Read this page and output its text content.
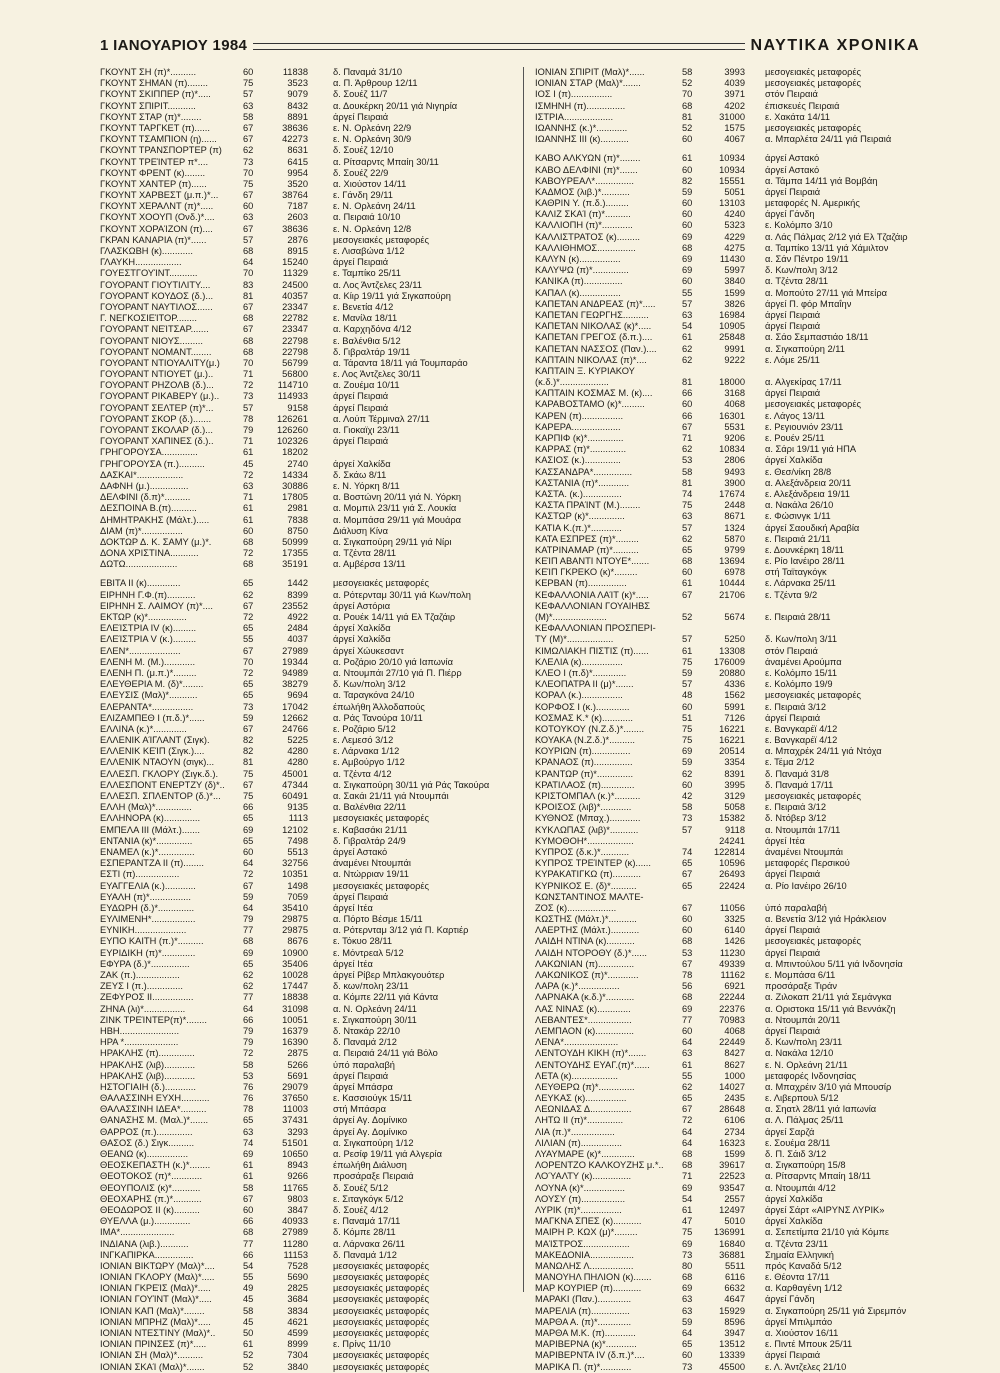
1 ΙΑΝΟΥΑΡΙΟΥ 1984	ΝΑΥΤΙΚΑ ΧΡΟΝΙΚΑ
ΓΚΟΥΝΤ ΣΗ (π)*..........	60	11838	δ. Παναμά 31/10
ΓΚΟΥΝΤ ΣΗΜΑΝ (π)........	75	3523	α. Π. Άρθρουρ 12/11
ΓΚΟΥΝΤ ΣΚΙΠΠΕΡ (π)*.....	57	9079	δ. Σουέζ 11/7
ΓΚΟΥΝΤ ΣΠΙΡΙΤ...........	63	8432	α. Δουκέρκη 20/11 γιά Νιγηρία
ΓΚΟΥΝΤ ΣΤΑΡ (π)*........	58	8891	άργεί Πειραιά
ΓΚΟΥΝΤ ΤΑΡΓΚΕΤ (π)......	67	38636	ε. Ν. Ορλεάνη 22/9
ΓΚΟΥΝΤ ΤΣΑΜΠΙΟΝ (η)......	67	42273	ε. Ν. Ορλεάνη 30/9
ΓΚΟΥΝΤ ΤΡΑΝΣΠΟΡΤΕΡ (π)	62	8631	δ. Σουέζ 12/10
ΓΚΟΥΝΤ ΤΡΕΊΝΤΕΡ π*....	73	6415	α. Ρίτσαρντς Μπαίη 30/11
ΓΚΟΥΝΤ ΦΡΕΝΤ (κ)........	70	9954	δ. Σουέζ 22/9
ΓΚΟΥΝΤ ΧΑΝΤΕΡ (π)......	75	3520	α. Χιούστον 14/11
ΓΚΟΥΝΤ ΧΑΡΒΕΣΤ (μ.π.)*...	67	38764	ε. Γάνδη 29/11
ΓΚΟΥΝΤ ΧΕΡΑΛΝΤ (π)*.....	60	7187	ε. Ν. Ορλεάνη 24/11
ΓΚΟΥΝΤ ΧΟΟΥΠ (Ονδ.)*....	63	2603	α. Πειραιά 10/10
ΓΚΟΥΝΤ ΧΟΡΑΊΖΟΝ (π)....	67	38636	ε. Ν. Ορλεάνη 12/8
ΓΚΡΑΝ ΚΑΝΑΡΙΑ (π)*......	57	2876	μεσογειακές μεταφορές
ΓΛΑΣΚΩΒΗ (κ)............	68	8915	ε. Λισαβώνα 1/12
ΓΛΑΥΚΗ..................	64	15240	άργεί Πειραιά
ΓΟΥΕΣΤΓΟΥΊΝΤ...........	70	11329	ε. Ταμπίκο 25/11
ΓΟΥΟΡΑΝΤ ΓΙΟΥΤΙΛΙΤΥ....	83	24500	α. Λος Άντζελες 23/11
ΓΟΥΟΡΑΝΤ ΚΟΥΔΟΣ (δ.)...	81	40357	α. Κίιρ 19/11 γιά Σιγκαπούρη
ΓΟΥΟΡΑΝΤ ΝΑΥΤΙΛΟΣ......	67	23347	ε. Βενετία 4/12
Γ. ΝΕΓΚΟΣΙΕΊΤΟΡ........	68	22782	ε. Μανίλα 18/11
ΓΟΥΟΡΑΝΤ ΝΕΊΤΣΑΡ.......	67	23347	α. Καρχηδόνα 4/12
ΓΟΥΟΡΑΝΤ ΝΙΟΥΣ.........	68	22798	ε. Βαλένθια 5/12
ΓΟΥΟΡΑΝΤ ΝΟΜΑΝΤ........	68	22798	δ. Γιβραλτάρ 19/11
ΓΟΥΟΡΑΝΤ ΝΤΙΟΥΑΛΙΤΥ(μ.)	70	56799	α. Τάραντα 18/11 γιά Τουμπαράο
ΓΟΥΟΡΑΝΤ ΝΤΙΟΥΕΤ (μ.)..	71	56800	ε. Λος Άντζελες 30/11
ΓΟΥΟΡΑΝΤ ΡΗΖΟΛΒ (δ.)...	72	114710	α. Ζουέμα 10/11
ΓΟΥΟΡΑΝΤ ΡΙΚΑΒΕΡΥ (μ.)..	73	114933	άργεί Πειραιά
ΓΟΥΟΡΑΝΤ ΣΕΛΤΕΡ (π)*...	57	9158	άργεί Πειραιά
ΓΟΥΟΡΑΝΤ ΣΚΟΡ (δ.).......	78	126261	α. Λούπ Τέρμιναλ 27/11
ΓΟΥΟΡΑΝΤ ΣΚΟΛΑΡ (δ.)...	79	126260	α. Γιοκαϊχι 23/11
ΓΟΥΟΡΑΝΤ ΧΑΠΙΝΕΣ (δ.)..	71	102326	άργεί Πειραιά
ΓΡΗΓΟΡΟΥΣΑ..............	61	18202
ΓΡΗΓΟΡΟΥΣΑ (π.)..........	45	2740	άργεί Χαλκίδα
ΔΑΣΚΑΙ*..................	72	14334	δ. Σκάω 8/11
ΔΑΦΝΗ (μ.)...............	63	30886	ε. Ν. Υόρκη 8/11
ΔΕΛΦΙΝΙ (δ.π)*..........	71	17805	α. Βοστώνη 20/11 γιά Ν. Υόρκη
ΔΕΣΠΟΙΝΑ Β.(π)..........	61	2981	α. Μομπιλ 23/11 γιά Σ. Λουκία
ΔΗΜΗΤΡΑΚΗΣ (Μάλτ.).....	61	7838	α. Μομπάσα 29/11 γιά Μουάρα
ΔΙΑΜ (π)*................	60	8750	Διάλυση Κίνα
ΔΟΚΤΩΡ Δ. Κ. ΣΑΜΥ (μ.)*.	68	50999	α. Σιγκαπούρη 29/11 γιά Νίρι
ΔΟΝΑ ΧΡΙΣΤΙΝΑ...........	72	17355	α. Τζέντα 28/11
ΔΩΤΩ....................	68	35191	α. Αμβέρσα 13/11
ΕΒΙΤΑ ΙΙ (κ).............	65	1442	μεσογειακές μεταφορές
ΕΙΡΗΝΗ Γ.Φ.(π)...........	62	8399	α. Ρότερνταμ 30/11 γιά Κων/πολη
ΕΙΡΗΝΗ Σ. ΛΑΙΜΟΥ (π)*....	67	23552	άργεί Αστόρια
ΕΚΤΩΡ (κ)*...............	72	4922	α. Ρουέκ 14/11 γιά Ελ Τζαζάιρ
ΕΛΕΊΣΤΡΙΑ ΙV (κ).........	65	2484	άργεί Χαλκίδα
ΕΛΕΊΣΤΡΙΑ V (κ.).........	55	4037	άργεί Χαλκίδα
ΕΛΕΝ*....................	67	27989	άργεί Χώυκεσαντ
ΕΛΕΝΗ Μ. (Μ.)............	70	19344	α. Ροζάριο 20/10 γιά Ιαπωνία
ΕΛΕΝΗ Π. (μ.π.)*.........	72	94989	α. Ντουμπάι 27/10 γιά Π. Πιέρρ
ΕΛΕΥΘΕΡΙΑ Μ. (δ)*........	65	38279	δ. Κων/πολη 3/12
ΕΛΕΥΣΙΣ (Μαλ)*...........	65	9694	α. Ταραγκόνα 24/10
ΕΛΕΡΑΝΤΑ*................	73	17042	έπωλήθη Άλλοδαπούς
ΕΛΙΖΑΜΠΕΘ Ι (π.δ.)*......	59	12662	α. Ράς Τανούρα 10/11
ΕΛΛΙΝΑ (κ.)*.............	67	24766	ε. Ροζάριο 5/12
ΕΛΛΕΝΙΚ ΑΊΓΛΑΝΤ (Σιγκ).	82	5225	ε. Λεμεσό 3/12
ΕΛΛΕΝΙΚ ΚΕΊΠ (Σιγκ.)....	82	4280	ε. Λάρνακα 1/12
ΕΛΛΕΝΙΚ ΝΤΑΟΥΝ (σιγκ)...	81	4280	ε. Αμβούργο 1/12
ΕΛΛΕΣΠ. ΓΚΛΟΡΥ (Σιγκ.δ.).	75	45001	α. Τζέντα 4/12
ΕΛΛΕΣΠΟΝΤ ΕΝΕΡΤΖΥ (δ)*..	67	47344	α. Σιγκαπούρη 30/11 γιά Ράς Τακούρα
ΕΛΛΕΣΠ. ΣΠΛΕΝΤΟΡ (δ.)*...	75	60491	α. Σακάι 21/11 γιά Ντουμπάι
ΕΛΛΗ (Μαλ)*..............	66	9135	α. Βαλένθια 22/11
ΕΛΛΗΝΟΡΑ (κ)..............	65	1113	μεσογειακές μεταφορές
ΕΜΠΕΛΑ ΙΙΙ (Μάλτ.).......	69	12102	ε. Καβασάκι 21/11
ΕΝΤΑΝΙΑ (κ)*..............	65	7498	δ. Γιβραλτάρ 24/9
ΕΝΑΜΕΛ (κ.)*..............	60	5513	άργεί Αστακό
ΕΣΠΕΡΑΝΤΖΑ ΙΙ (π)........	64	32756	άναμένει Ντουμπάι
ΕΣΤΙ (π).................	72	10351	α. Ντώρριαν 19/11
ΕΥΑΓΓΕΛΙΑ (κ.)............	67	1498	μεσογειακές μεταφορές
ΕΥΑΛΗ (π)*................	59	7059	άργεί Πειραιά
ΕΥΔΩΡΗ (δ.)*..............	64	35410	άργεί Ιτέα
ΕΥΛΙΜΕΝΗ*.................	79	29875	α. Πόρτο Βέσμε 15/11
ΕΥΝΙΚΗ....................	77	29875	α. Ρότερνταμ 3/12 γιά Π. Καρτιέρ
ΕΥΠΟ ΚΑΙΤΗ (π.)*..........	68	8676	ε. Τόκυο 28/11
ΕΥΡΙΔΙΚΗ (π)*.............	69	10900	ε. Μόντρεαλ 5/12
ΕΦΥΡΑ (δ.)*...............	65	35406	άργεί Ιτέα
ΖΑΚ (π.).................	62	10028	άργεί Ρίβερ Μπλακγουότερ
ΖΕΥΣ Ι (π.)..............	62	17447	δ. κων/πολη 23/11
ΖΕΦΥΡΟΣ ΙΙ................	77	18838	α. Κόμπε 22/11 γιά Κάντα
ΖΗΝΑ (λι)*................	64	31098	α. Ν. Ορλεάνη 24/11
ΖΙΝΚ ΤΡΕΊΝΤΕΡ(π)*........	66	10051	ε. Σιγκαπούρη 30/11
ΗΒΗ.......................	79	16379	δ. Ντακάρ 22/10
ΗΡΑ *.....................	79	16390	δ. Παναμά 2/12
ΗΡΑΚΛΗΣ (π)..............	72	2875	α. Πειραιά 24/11 γιά Βόλο
ΗΡΑΚΛΗΣ (λιβ)............	58	5266	ύπό παραλαβή
ΗΡΑΚΛΗΣ (λιβ)............	53	5691	άργεί Πειραιά
ΗΣΤΟΓΙΑΙΗ (δ.)............	76	29079	άργεί Μπάσρα
ΘΑΛΑΣΣΙΝΗ ΕΥΧΗ...........	76	37650	ε. Κασσιούγκ 15/11
ΘΑΛΑΣΣΙΝΗ ΙΔΕΑ*..........	78	11003	στή Μπάσρα
ΘΑΝΑΣΗΣ Μ. (Μαλ.)*.......	65	37431	άργεί Αγ. Δομίνικο
ΘΑΡΡΟΣ (π.)..............	63	3293	άργεί Αγ. Δομίνικο
ΘΑΣΟΣ (δ.) Σιγκ..........	74	51501	α. Σιγκαπούρη 1/12
ΘΕΑΝΩ (κ)................	69	10650	α. Ρεσίφ 19/11 γιά Αλγερία
ΘΕΟΣΚΕΠΑΣΤΗ (κ.)*........	61	8943	έπωλήθη Διάλυση
ΘΕΟΤΟΚΟΣ (π)*............	61	9266	προσάραξε Πειραιά
ΘΕΟΥΠΟΛΙΣ (κ)*...........	58	11765	δ. Σουέζ 5/12
ΘΕΟΧΑΡΗΣ (π.)*...........	67	9803	ε. Σιταγκόγκ 5/12
ΘΕΟΔΩΡΟΣ ΙΙ (κ)..........	60	3847	δ. Σουέζ 4/12
ΘΥΕΛΛΑ (μ.)..............	66	40933	ε. Παναμά 17/11
ΙΜΑ*.....................	68	27989	δ. Κόμπε 28/11
ΙΝΔΙΑΝΑ (λιβ.)...........	77	11280	α. Λάρνακα 26/11
ΙΝΓΚΑΠΙΡΚΑ...............	66	11153	δ. Παναμά 1/12
ΙΟΝΙΑΝ ΒΙΚΤΩΡΥ (Μαλ)*....	54	7528	μεσογειακές μεταφορές
ΙΟΝΙΑΝ ΓΚΛΟΡΥ (Μαλ)*.....	55	5690	μεσογειακές μεταφορές
ΙΟΝΙΑΝ ΓΚΡΕΊΣ (Μαλ)*.....	49	2825	μεσογειακές μεταφορές
ΙΟΝΙΑΝ ΓΟΥΊΝΤ (Μαλ)*.....	45	3684	μεσογειακές μεταφορές
ΙΟΝΙΑΝ ΚΑΠ (Μαλ)*........	58	3834	μεσογειακές μεταφορές
ΙΟΝΙΑΝ ΜΠΡΗΖ (Μαλ)*.....	45	4621	μεσογειακές μεταφορές
ΙΟΝΙΑΝ ΝΤΕΣΤΙΝΥ (Μαλ)*..	50	4599	μεσογειακές μεταφορές
ΙΟΝΙΑΝ ΠΡΙΝΣΕΣ (π)*.....	61	8999	ε. Πρίνς 11/10
ΙΟΝΙΑΝ ΣΗ (Μαλ)*..........	52	7304	μεσογειακές μεταφορές
ΙΟΝΙΑΝ ΣΚΑΊ (Μαλ)*.......	52	3840	μεσογειακές μεταφορές
ΙΟΝΙΑΝ ΣΠΙΡΙΤ (Μαλ)*......	58	3993 μεσογειακές μεταφορές
ΙΟΝΙΑΝ ΣΤΑΡ (Μαλ)*.......	52	4039 μεσογειακές μεταφορές
ΙΟΣ Ι (π)................	70	3971 στόν Πειραιά
ΙΣΜΗΝΗ (π)...............	68	4202 έπισκευές Πειραιά
ΙΣΤΡΙΑ...................	81	31000 ε. Χακάτα 14/11
ΙΩΑΝΝΗΣ (κ.)*............	52	1575 μεσογειακές μεταφορές
ΙΩΑΝΝΗΣ ΙΙΙ (κ)...........	60	4067 α. Μπαρλέτα 24/11 γιά Πειραιά
ΚΑΒΟ ΑΛΚΥΩΝ (π)*........	61	10934 άργεί Αστακό
ΚΑΒΟ ΔΕΛΦΙΝΙ (π)*.......	60	10934 άργεί Αστακό
ΚΑΒΟΥΡΕΑΛ*...............	82	15551 α. Τάμπα 14/11 γιά Βομβάη
ΚΑΔΜΟΣ (λιβ.)*...........	59	5051 άργεί Πειραιά
ΚΑΘΡΙΝ Υ. (π.δ.).........	60	13103 μεταφορές Ν. Αμερικής
ΚΑΛΙΖ ΣΚΑΊ (π)*..........	60	4240 άργεί Γάνδη
ΚΑΛΛΙΟΠΗ (π)*............	60	5323 ε. Κολόμπο 3/10
ΚΑΛΛΙΣΤΡΑΤΟΣ (κ).........	69	4229 α. Λάς Πάλμας 2/12 γιά Ελ Τζαζάιρ
ΚΑΛΛΙΘΗΜΟΣ...............	68	4275 α. Ταμπίκο 13/11 γιά Χάμιλτον
ΚΑΛΥΝ (κ)................	69	11430 α. Σάν Πέντρο 19/11
ΚΑΛΥΨΩ (π)*..............	69	5997 δ. Κων/πολη 3/12
ΚΑΝΙΚΑ (π)...............	60	3840 α. Τζέντα 28/11
ΚΑΠΑΛ (κ)................	55	1599 α. Μοπούτο 27/11 γιά Μπείρα
ΚΑΠΕΤΑΝ ΑΝΔΡΕΑΣ (π)*.....	57	3826 άργεί Π. φόρ Μπαΐην
ΚΑΠΕΤΑΝ ΓΕΩΡΓΗΣ..........	63	16984 άργεί Πειραιά
ΚΑΠΕΤΑΝ ΝΙΚΟΛΑΣ (κ)*.....	54	10905 άργεί Πειραιά
ΚΑΠΕΤΑΝ ΓΡΕΓΟΣ (δ.π.)....	61	25848 α. Σάο Σεμπαστιάο 18/11
ΚΑΠΕΤΑΝ ΝΑΣΣΟΣ (Παν.)....	62	9991 α. Σιγκαπούρη 2/11
ΚΑΠΤΑΙΝ ΝΙΚΟΛΑΣ (π)*....	62	9222 ε. Λόμε 25/11
ΚΑΠΤΑΙΝ Ξ. ΚΥΡΙΑΚΟΥ
(κ.δ.)*...................	81	18000 α. Αλγεκίρας 17/11
ΚΑΠΤΑΙΝ ΚΟΣΜΑΣ Μ. (κ)....	66	3168 άργεί Πειραιά
ΚΑΡΑΒΟΣΤΑΜΟ (κ)*.........	60	4068 μεσογειακές μεταφορές
ΚΑΡΕΝ (π)................	66	16301 ε. Λάγος 13/11
ΚΑΡΕΡΑ...................	67	5531 ε. Ρεγιουνιόν 23/11
ΚΑΡΠΙΦ (κ)*..............	71	9206 ε. Ρουέν 25/11
ΚΑΡΡΑΣ (π)*..............	62	10834 α. Σάρι 19/11 γιά ΗΠΑ
ΚΑΣΙΟΣ (κ.)..............	53	2806 άργεί Χαλκίδα
ΚΑΣΣΑΝΔΡΑ*...............	58	9493 ε. Θεσ/νίκη 28/8
ΚΑΣΤΑΝΙΑ (π)*............	81	3900 α. Αλεξάνδρεια 20/11
ΚΑΣΤΑ. (κ.)...............	74	17674 ε. Αλεξάνδρεια 19/11
ΚΑΣΤΑ ΠΡΑΊΝΤ (Μ.)........	75	2448 α. Νακάλα 26/10
ΚΑΣΤΩΡ (κ)*..............	63	8671 ε. Φώσινγκ 1/11
ΚΑΤΙΑ Κ.(π.)*............	57	1324 άργεί Σαουδική Αραβία
ΚΑΤΑ ΕΣΠΡΕΣ (π)*.........	62	5870 ε. Πειραιά 21/11
ΚΑΤΡΙΝΑΜΑΡ (π)*..........	65	9799 ε. Δουνκέρκη 18/11
ΚΕΊΠ ΑΒΑΝΤΙ ΝΤΟΥΕ*.......	68	13694 ε. Ρίο Ιανέιρο 28/11
ΚΕΊΠ ΓΚΡΕΚΟ (κ)*.........	60	6978 στή Ταϊταγκόγκ
ΚΕΡΒΑΝ (π)...............	61	10444 ε. Λάρνακα 25/11
ΚΕΦΑΛΛΟΝΙΑ ΛΑΊΤ (κ)*.....	67	21706 ε. Τζέντα 9/2
ΚΕΦΑΛΛΟΝΙΑΝ ΓΟΥΑΙΗΒΣ
(Μ)*.....................	52	5674 ε. Πειραιά 28/11
ΚΕΦΑΛΛΟΝΙΑΝ ΠΡΟΣΠΕΡΙ-
ΤΥ (Μ)*..................	57	5250 δ. Κων/πολη 3/11
ΚΙΜΩΛΙΑΚΗ ΠΙΣΤΙΣ (π)......	61	13308 στόν Πειραιά
ΚΛΕΛΙΑ (κ)................	75	176009 άναμένει Αρούμπα
ΚΛΕΟ Ι (π.δ)*.............	59	20880 ε. Κολόμπο 15/11
ΚΛΕΟΠΑΤΡΑ ΙΙ (μ)*.......	57	4336 ε. Κολόμπο 19/9
ΚΟΡΑΛ (κ.)................	48	1562 μεσογειακές μεταφορές
ΚΟΡΦΟΣ Ι (κ.).............	60	5991 ε. Πειραιά 3/12
ΚΟΣΜΑΣ Κ.* (κ)............	51	7126 άργεί Πειραιά
ΚΟΤΟΥΚΟΥ (Ν.Ζ.δ.)*........	75	16221 ε. Βανγκαρέϊ 4/12
ΚΟΥΑΚΑ (Ν.Ζ.δ.)*..........	75	16221 ε. Βανγκαρέϊ 4/12
ΚΟΥΡΙΩΝ (π)...............	69	20514 α. Μπαχρέκ 24/11 γιά Ντόχα
ΚΡΑΝΑΟΣ (π)...............	59	3354 ε. Τέμα 2/12
ΚΡΑΝΤΩΡ (π)*..............	62	8391 δ. Παναμά 31/8
ΚΡΑΤΙΛΑΟΣ (π).............	60	3995 δ. Παναμά 17/11
ΚΡΙΣΤΟΜΠΑΛ (κ.)*..........	42	3129 μεσογειακές μεταφορές
ΚΡΟΙΣΟΣ (λιβ)*............	58	5058 ε. Πειραιά 3/12
ΚΥΘΝΟΣ (Μπαχ.)............	73	15382 δ. Ντόβερ 3/12
ΚΥΚΛΩΠΑΣ (λιβ)*...........	57	9118 α. Ντουμπάι 17/11
ΚΥΜΟΘΟΗ*..................	24241 άργεί Ιτέα
ΚΥΠΡΟΣ (δ.κ.)*...........	74	122814 άναμένει Ντουμπάι
ΚΥΠΡΟΣ ΤΡΕΊΝΤΕΡ (κ)......	65	10596 μεταφορές Περσικού
ΚΥΡΑΚΑΤΙΓΚΩ (π)...........	67	26493 άργεί Πειραιά
ΚΥΡΝΙΚΟΣ Ε. (δ)*..........	65	22424 α. Ρίο Ιανέιρο 26/10
ΚΩΝΣΤΑΝΤΙΝΟΣ ΜΑΛΤΕ-
ΖΟΣ (κ)...................	67	11056 ύπό παραλαβή
ΚΩΣΤΗΣ (Μάλτ.)*...........	60	3325 α. Βενετία 3/12 γιά Ηράκλειον
ΛΑΕΡΤΗΣ (Μάλτ.)...........	60	6140 άργεί Πειραιά
ΛΑΙΔΗ ΝΤΙΝΑ (κ)...........	68	1426 μεσογειακές μεταφορές
ΛΑΙΔΗ ΝΤΟΡΟΘΥ (δ.)*......	53	11230 άργεί Πειραιά
ΛΑΚΩΝΙΑΝ (π)..............	67	49339 α. Μπιντούλου 5/11 γιά Ινδονησία
ΛΑΚΩΝΙΚΟΣ (π)*............	78	11162 ε. Μομπάσα 6/11
ΛΑΡΑ (κ.)*................	56	6921 προσάραξε Τιράν
ΛΑΡΝΑΚΑ (κ.δ.)*...........	68	22244 α. Ζιλοκαπ 21/11 γιά Σεμάνγκα
ΛΑΣ ΝΙΝΑΣ (κ).............	69	22376 α. Οριστοκα 15/11 γιά Βεννάκζη
ΛΕΒΑΝΤΕΣ*.................	77	70983 α. Ντουμπάι 20/11
ΛΕΜΠΑΟΝ (κ)...............	60	4068 άργεί Πειραιά
ΛΕΝΑ*.....................	64	22449 δ. Κων/πολη 23/11
ΛΕΝΤΟΥΔΗ ΚΙΚΗ (π)*.......	63	8427 α. Νακάλα 12/10
ΛΕΝΤΟΥΔΗΣ ΕΥΑΓ.(π)*......	61	8627 ε. Ν. Ορλεάνη 21/11
ΛΕΤΑ (κ)..................	55	1000 μεταφορές Ινδονησίας
ΛΕΥΘΕΡΩ (π)*..............	62	14027 α. Μπαχρέιν 3/10 γιά Μπουσίρ
ΛΕΥΚΑΣ (κ)................	65	2435 ε. Λιβερπουλ 5/12
ΛΕΩΝΙΔΑΣ Δ................	67	28648 α. Σηατλ 28/11 γιά Ιαπωνία
ΛΗΤΩ ΙΙ (π)*..............	72	6106 α. Λ. Πάλμας 25/11
ΛΙΑ (π.)*.................	64	2734 άργεί Σαρζά
ΛΙΛΙΑΝ (π)................	64	16323 ε. Σουέμα 28/11
ΛΥΑΥΜΑΡΕ (κ)*.............	68	1599 δ. Π. Σάιδ 3/12
ΛΟΡΕΝΤΖΟ ΚΑΛΚΟΥΖΗΣ μ.*..	68	39617 α. Σιγκαπούρη 15/8
ΛΟΎΑΛΤΥ (κ)...............	71	22523 α. Ρίτσαρντς Μπαίη 18/11
ΛΟΥΝΑ (κ)*................	69	93547 α. Ντουμπάι 4/12
ΛΟΥΣΥ (π).................	54	2557 άργεί Χαλκίδα
ΛΥΡΙΚ (π)*................	61	12497 άργεί Σάρτ «ΑΙΡΥΝΣ ΛΥΡΙΚ»
ΜΑΓΚΝΑ ΣΠΕΣ (κ)...........	47	5010 άργεί Χαλκίδα
ΜΑΙΡΗ Ρ. ΚΩΧ (μ)*.........	75	136991 α. Σεπετίμπα 21/10 γιά Κόμπε
ΜΑΊΣΤΡΟΣ..................	69	16840 α. Τζέντα 23/11
ΜΑΚΕΔΟΝΙΑ.................	73	36881 Σημαία Ελληνική
ΜΑΝΩΛΗΣ Λ.................	80	5511 πρός Καναδά 5/12
ΜΑΝΟΥΗΛ ΠΗΛΙΟΝ (κ).......	68	6116 ε. Θέοντα 17/11
ΜΑΡ ΚΟΥΡΙΕΡ (π)...........	69	6632 α. Καρθαγένη 1/12
ΜΑΡΑΚΙ (Παν.).............	63	4647 άργεί Γάνδη
ΜΑΡΕΛΙΑ (π)...............	63	15929 α. Σιγκαπούρη 25/11 γιά Σιρεμπόν
ΜΑΡΘΑ Α. (π)*.............	59	8596 άργεί Μπιλμπάο
ΜΑΡΘΑ Μ.Κ. (π)............	64	3947 α. Χιούστον 16/11
ΜΑΡΙΒΕΡΝΑ (κ)*............	65	13512 ε. Πιντέ Μπουκ 25/11
ΜΑΡΙΒΕΡΝΤΑ ΙV (δ.π.)*....	60	13339 άργεί Πειραιά
ΜΑΡΙΚΑ Π. (π)*............	73	45500 ε. Λ. Άντζελες 21/10
